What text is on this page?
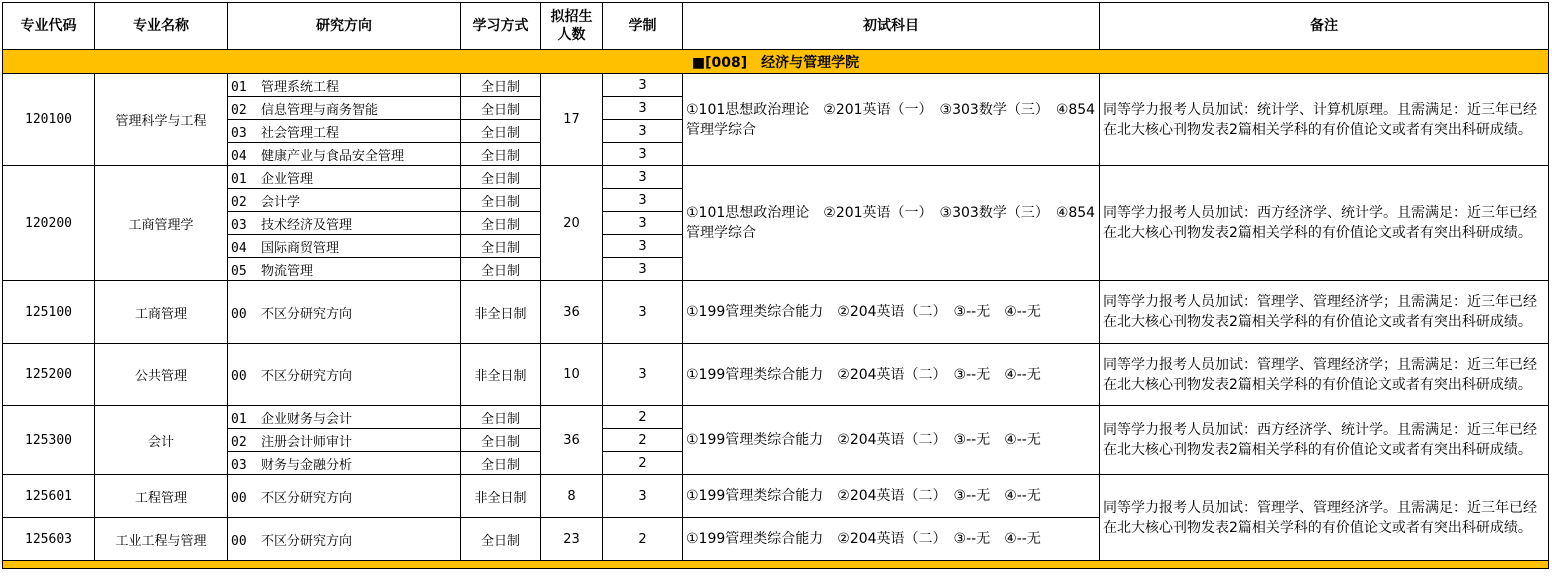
专业代码	专业名称	研究方向	学习方式	拟招生人数	学制	初试科目	备注
■[008]　经济与管理学院							
120100	管理科学与工程	01 管理系统工程	全日制	17	3	①101思想政治理论　②201英语（一）　③303数学（三）　④854管理学综合	同等学力报考人员加试：统计学、计算机原理。且需满足：近三年已经在北大核心刊物发表2篇相关学科的有价值论文或者有突出科研成绩。
		02 信息管理与商务智能	全日制		3		
		03 社会管理工程	全日制		3		
		04 健康产业与食品安全管理	全日制		3		
120200	工商管理学	01 企业管理	全日制	20	3	①101思想政治理论　②201英语（一）　③303数学（三）　④854管理学综合	同等学力报考人员加试：西方经济学、统计学。且需满足：近三年已经在北大核心刊物发表2篇相关学科的有价值论文或者有突出科研成绩。
		02 会计学	全日制		3		
		03 技术经济及管理	全日制		3		
		04 国际商贸管理	全日制		3		
		05 物流管理	全日制		3		
125100	工商管理	00 不区分研究方向	非全日制	36	3	①199管理类综合能力　②204英语（二）　③--无　④--无	同等学力报考人员加试：管理学、管理经济学；且需满足：近三年已经在北大核心刊物发表2篇相关学科的有价值论文或者有突出科研成绩。
125200	公共管理	00 不区分研究方向	非全日制	10	3	①199管理类综合能力　②204英语（二）　③--无　④--无	同等学力报考人员加试：管理学、管理经济学；且需满足：近三年已经在北大核心刊物发表2篇相关学科的有价值论文或者有突出科研成绩。
125300	会计	01 企业财务与会计	全日制	36	2	①199管理类综合能力　②204英语（二）　③--无　④--无	同等学力报考人员加试：西方经济学、统计学。且需满足：近三年已经在北大核心刊物发表2篇相关学科的有价值论文或者有突出科研成绩。
		02 注册会计师审计	全日制		2		
		03 财务与金融分析	全日制		2		
125601	工程管理	00 不区分研究方向	非全日制	8	3	①199管理类综合能力　②204英语（二）　③--无　④--无	同等学力报考人员加试：管理学、管理经济学。且需满足：近三年已经在北大核心刊物发表2篇相关学科的有价值论文或者有突出科研成绩。
125603	工业工程与管理	00 不区分研究方向	全日制	23	2	①199管理类综合能力　②204英语（二）　③--无　④--无	
